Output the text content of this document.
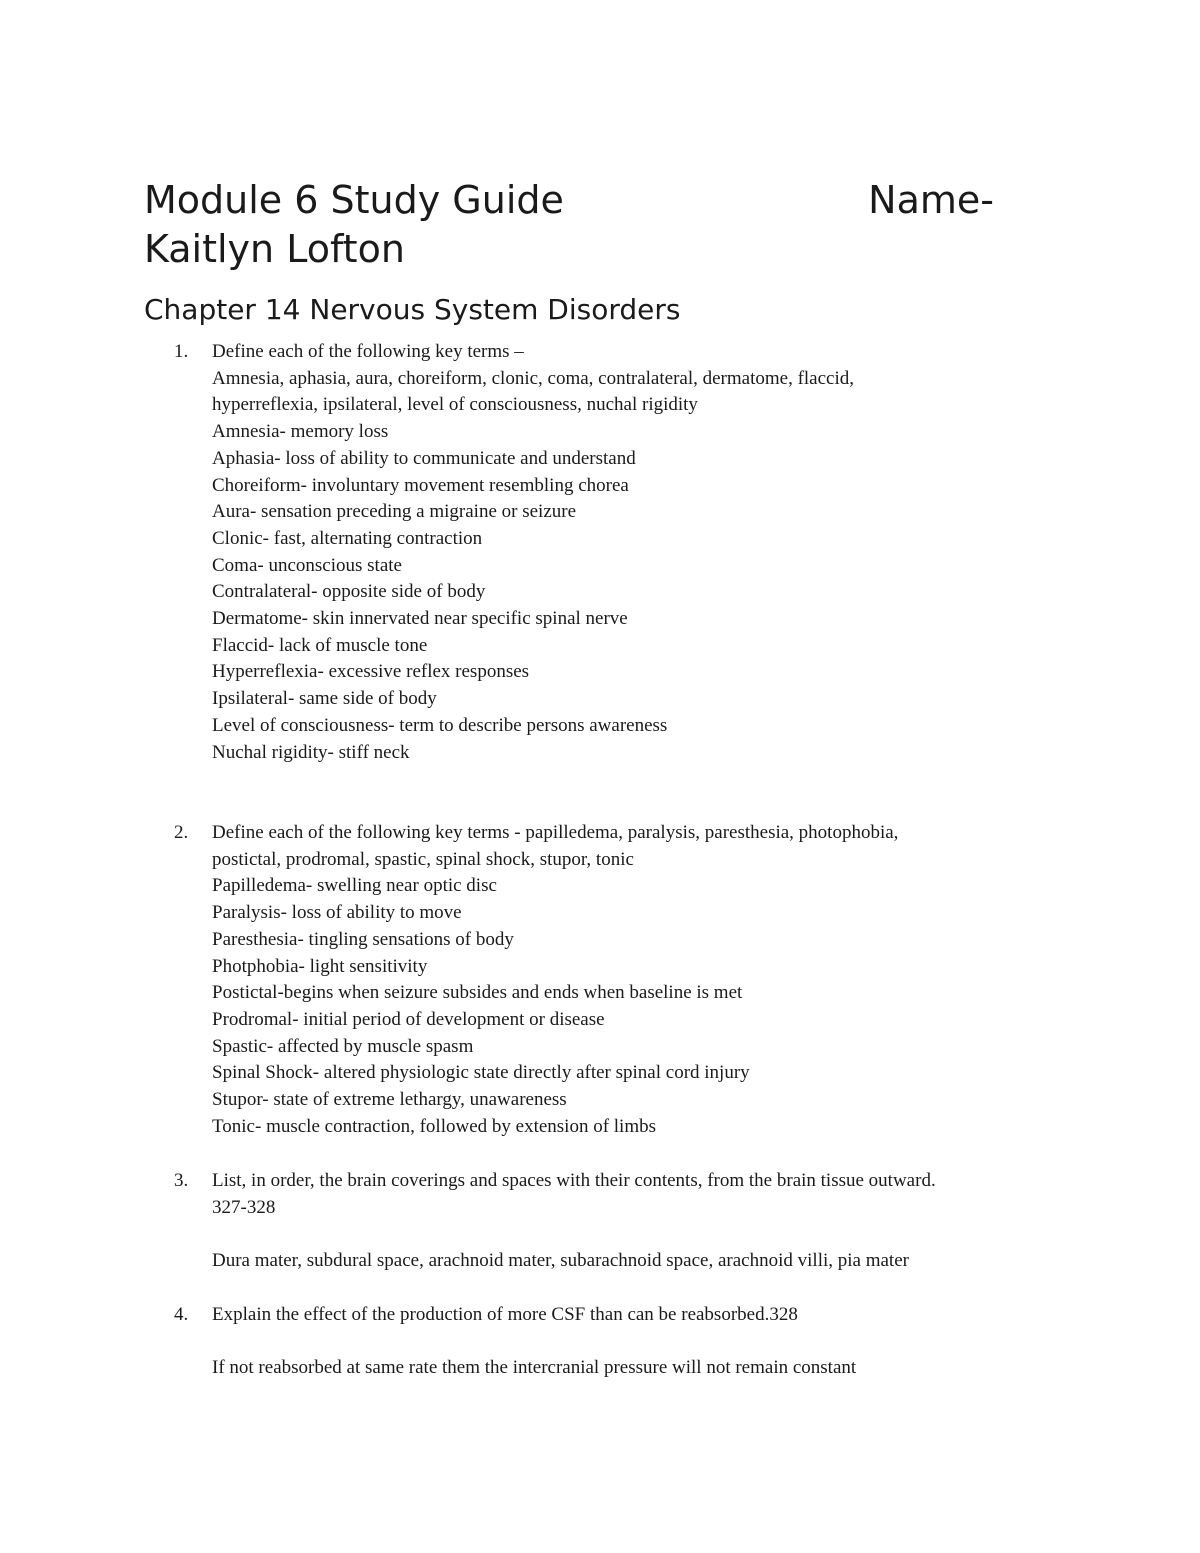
Module 6 Study Guide	Name-
Kaitlyn Lofton
Chapter 14 Nervous System Disorders
1. Define each of the following key terms –
Amnesia, aphasia, aura, choreiform, clonic, coma, contralateral, dermatome, flaccid,
hyperreflexia, ipsilateral, level of consciousness, nuchal rigidity
Amnesia- memory loss
Aphasia- loss of ability to communicate and understand
Choreiform- involuntary movement resembling chorea
Aura- sensation preceding a migraine or seizure
Clonic- fast, alternating contraction
Coma- unconscious state
Contralateral- opposite side of body
Dermatome- skin innervated near specific spinal nerve
Flaccid- lack of muscle tone
Hyperreflexia- excessive reflex responses
Ipsilateral- same side of body
Level of consciousness- term to describe persons awareness
Nuchal rigidity- stiff neck
2. Define each of the following key terms - papilledema, paralysis, paresthesia, photophobia,
postictal, prodromal, spastic, spinal shock, stupor, tonic
Papilledema- swelling near optic disc
Paralysis- loss of ability to move
Paresthesia- tingling sensations of body
Photphobia- light sensitivity
Postictal-begins when seizure subsides and ends when baseline is met
Prodromal- initial period of development or disease
Spastic- affected by muscle spasm
Spinal Shock- altered physiologic state directly after spinal cord injury
Stupor- state of extreme lethargy, unawareness
Tonic- muscle contraction, followed by extension of limbs
3. List, in order, the brain coverings and spaces with their contents, from the brain tissue outward.
327-328
Dura mater, subdural space, arachnoid mater, subarachnoid space, arachnoid villi, pia mater
4. Explain the effect of the production of more CSF than can be reabsorbed.328
If not reabsorbed at same rate them the intercranial pressure will not remain constant
